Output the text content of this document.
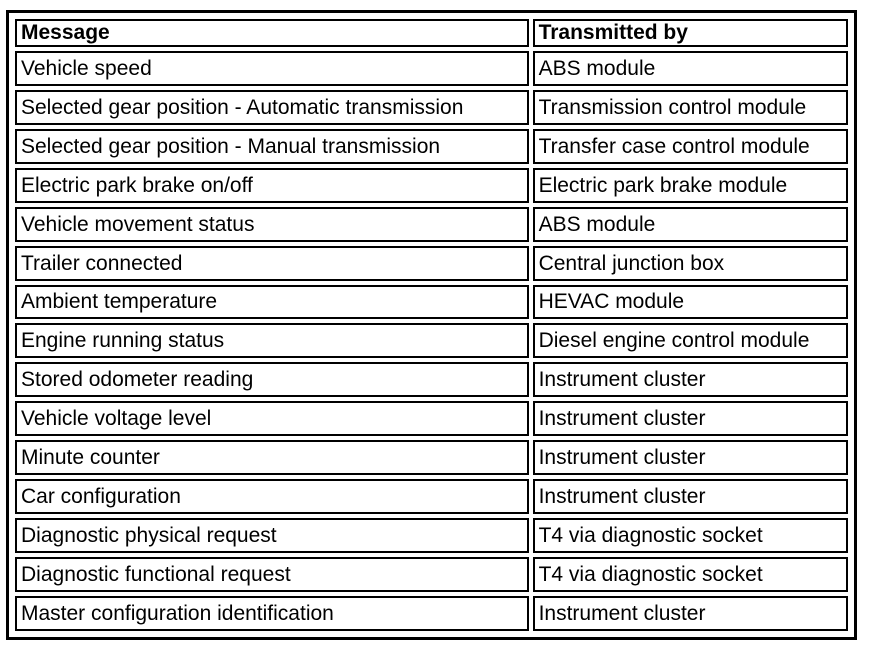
Message	Transmitted by
Vehicle speed	ABS module
Selected gear position - Automatic transmission	Transmission control module
Selected gear position - Manual transmission	Transfer case control module
Electric park brake on/off	Electric park brake module
Vehicle movement status	ABS module
Trailer connected	Central junction box
Ambient temperature	HEVAC module
Engine running status	Diesel engine control module
Stored odometer reading	Instrument cluster
Vehicle voltage level	Instrument cluster
Minute counter	Instrument cluster
Car configuration	Instrument cluster
Diagnostic physical request	T4 via diagnostic socket
Diagnostic functional request	T4 via diagnostic socket
Master configuration identification	Instrument cluster
